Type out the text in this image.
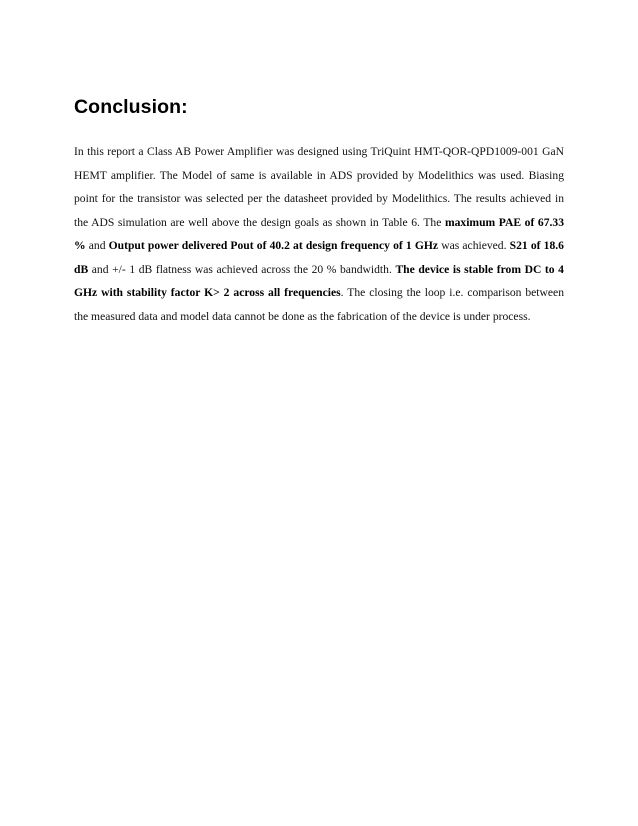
Conclusion:

In this report a Class AB Power Amplifier was designed using TriQuint HMT-QOR-QPD1009-001 GaN HEMT amplifier. The Model of same is available in ADS provided by Modelithics was used. Biasing point for the transistor was selected per the datasheet provided by Modelithics. The results achieved in the ADS simulation are well above the design goals as shown in Table 6. The maximum PAE of 67.33 % and Output power delivered Pout of 40.2 at design frequency of 1 GHz was achieved. S21 of 18.6 dB and +/- 1 dB flatness was achieved across the 20 % bandwidth. The device is stable from DC to 4 GHz with stability factor K> 2 across all frequencies. The closing the loop i.e. comparison between the measured data and model data cannot be done as the fabrication of the device is under process.
